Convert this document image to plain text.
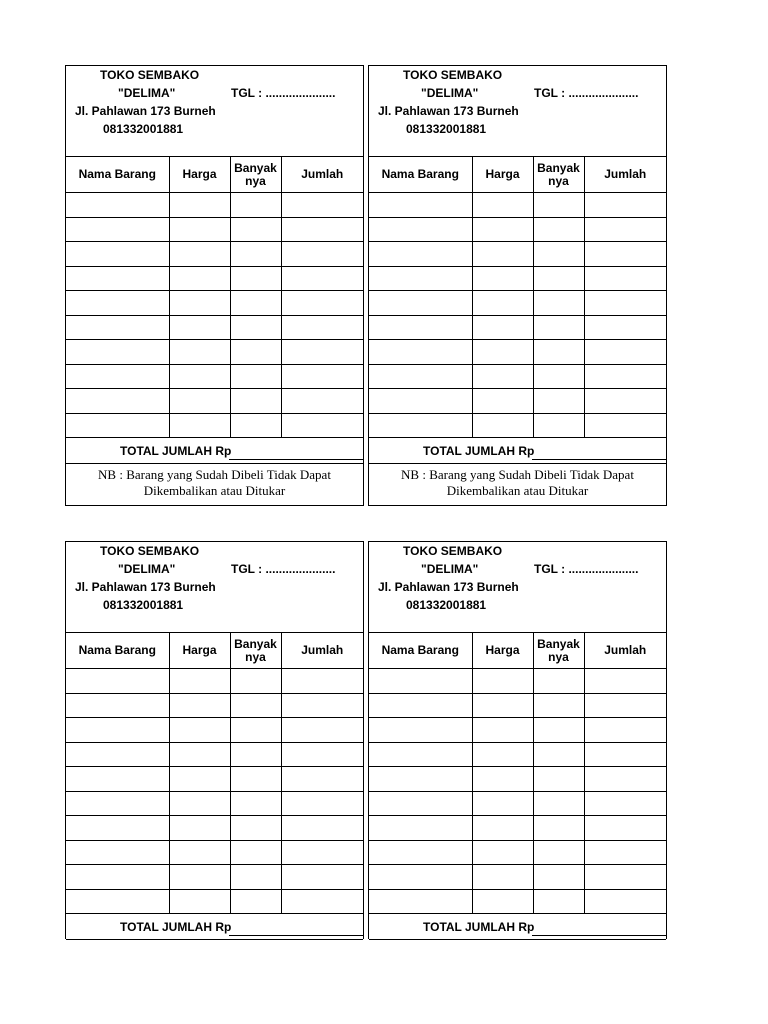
TOKO SEMBAKO
"DELIMA"	TGL : .....................
Jl. Pahlawan 173 Burneh
081332001881
Nama Barang	Harga	Banyak nya	Jumlah

TOTAL JUMLAH Rp
NB : Barang yang Sudah Dibeli Tidak Dapat
Dikembalikan atau Ditukar
TOKO SEMBAKO
"DELIMA"	TGL : .....................
Jl. Pahlawan 173 Burneh
081332001881
Nama Barang	Harga	Banyak nya	Jumlah

TOTAL JUMLAH Rp
NB : Barang yang Sudah Dibeli Tidak Dapat
Dikembalikan atau Ditukar
TOKO SEMBAKO
"DELIMA"	TGL : .....................
Jl. Pahlawan 173 Burneh
081332001881
Nama Barang	Harga	Banyak nya	Jumlah

TOTAL JUMLAH Rp
TOKO SEMBAKO
"DELIMA"	TGL : .....................
Jl. Pahlawan 173 Burneh
081332001881
Nama Barang	Harga	Banyak nya	Jumlah

TOTAL JUMLAH Rp
